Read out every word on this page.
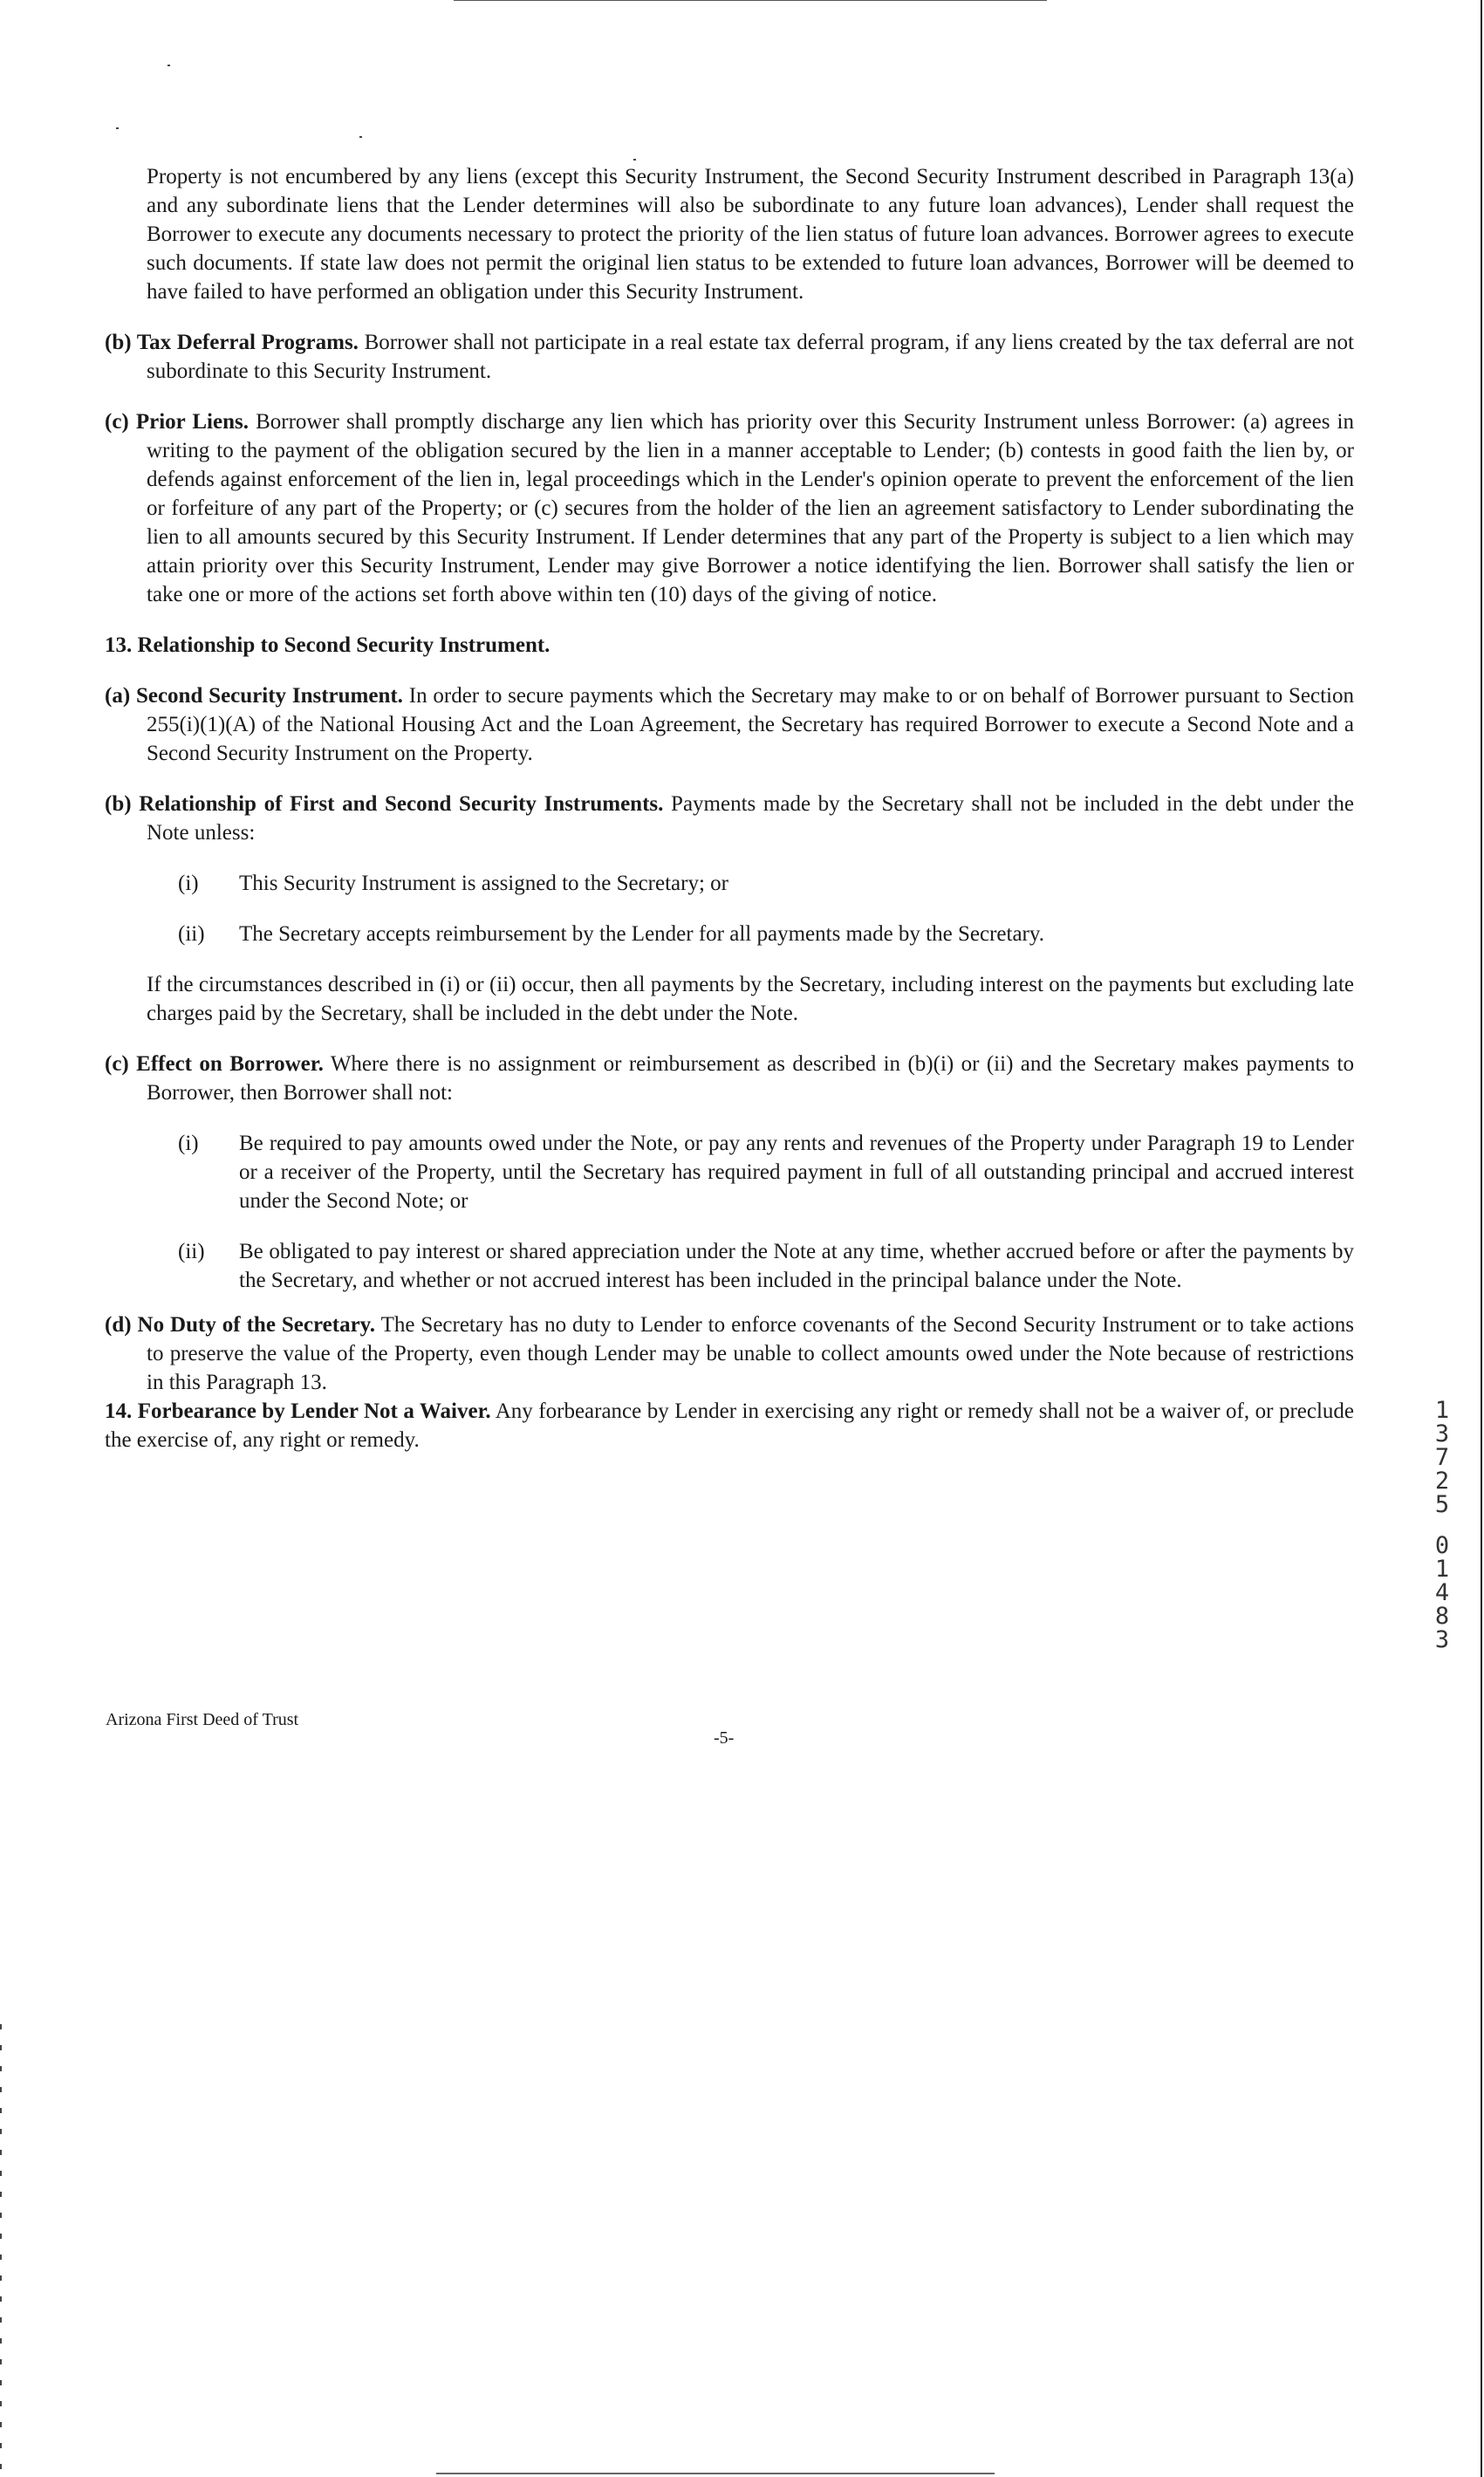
Property is not encumbered by any liens (except this Security Instrument, the Second Security Instrument described in Paragraph 13(a) and any subordinate liens that the Lender determines will also be subordinate to any future loan advances), Lender shall request the Borrower to execute any documents necessary to protect the priority of the lien status of future loan advances. Borrower agrees to execute such documents. If state law does not permit the original lien status to be extended to future loan advances, Borrower will be deemed to have failed to have performed an obligation under this Security Instrument.

(b) Tax Deferral Programs. Borrower shall not participate in a real estate tax deferral program, if any liens created by the tax deferral are not subordinate to this Security Instrument.

(c) Prior Liens. Borrower shall promptly discharge any lien which has priority over this Security Instrument unless Borrower: (a) agrees in writing to the payment of the obligation secured by the lien in a manner acceptable to Lender; (b) contests in good faith the lien by, or defends against enforcement of the lien in, legal proceedings which in the Lender's opinion operate to prevent the enforcement of the lien or forfeiture of any part of the Property; or (c) secures from the holder of the lien an agreement satisfactory to Lender subordinating the lien to all amounts secured by this Security Instrument. If Lender determines that any part of the Property is subject to a lien which may attain priority over this Security Instrument, Lender may give Borrower a notice identifying the lien. Borrower shall satisfy the lien or take one or more of the actions set forth above within ten (10) days of the giving of notice.

13. Relationship to Second Security Instrument.

(a) Second Security Instrument. In order to secure payments which the Secretary may make to or on behalf of Borrower pursuant to Section 255(i)(1)(A) of the National Housing Act and the Loan Agreement, the Secretary has required Borrower to execute a Second Note and a Second Security Instrument on the Property.

(b) Relationship of First and Second Security Instruments. Payments made by the Secretary shall not be included in the debt under the Note unless:

(i)	This Security Instrument is assigned to the Secretary; or
(ii)	The Secretary accepts reimbursement by the Lender for all payments made by the Secretary.

If the circumstances described in (i) or (ii) occur, then all payments by the Secretary, including interest on the payments but excluding late charges paid by the Secretary, shall be included in the debt under the Note.

(c) Effect on Borrower. Where there is no assignment or reimbursement as described in (b)(i) or (ii) and the Secretary makes payments to Borrower, then Borrower shall not:

(i)	Be required to pay amounts owed under the Note, or pay any rents and revenues of the Property under Paragraph 19 to Lender or a receiver of the Property, until the Secretary has required payment in full of all outstanding principal and accrued interest under the Second Note; or
(ii)	Be obligated to pay interest or shared appreciation under the Note at any time, whether accrued before or after the payments by the Secretary, and whether or not accrued interest has been included in the principal balance under the Note.

(d) No Duty of the Secretary. The Secretary has no duty to Lender to enforce covenants of the Second Security Instrument or to take actions to preserve the value of the Property, even though Lender may be unable to collect amounts owed under the Note because of restrictions in this Paragraph 13.

14. Forbearance by Lender Not a Waiver. Any forbearance by Lender in exercising any right or remedy shall not be a waiver of, or preclude the exercise of, any right or remedy.

Arizona First Deed of Trust
-5-
1
3
7
2
5
0
1
4
8
3
